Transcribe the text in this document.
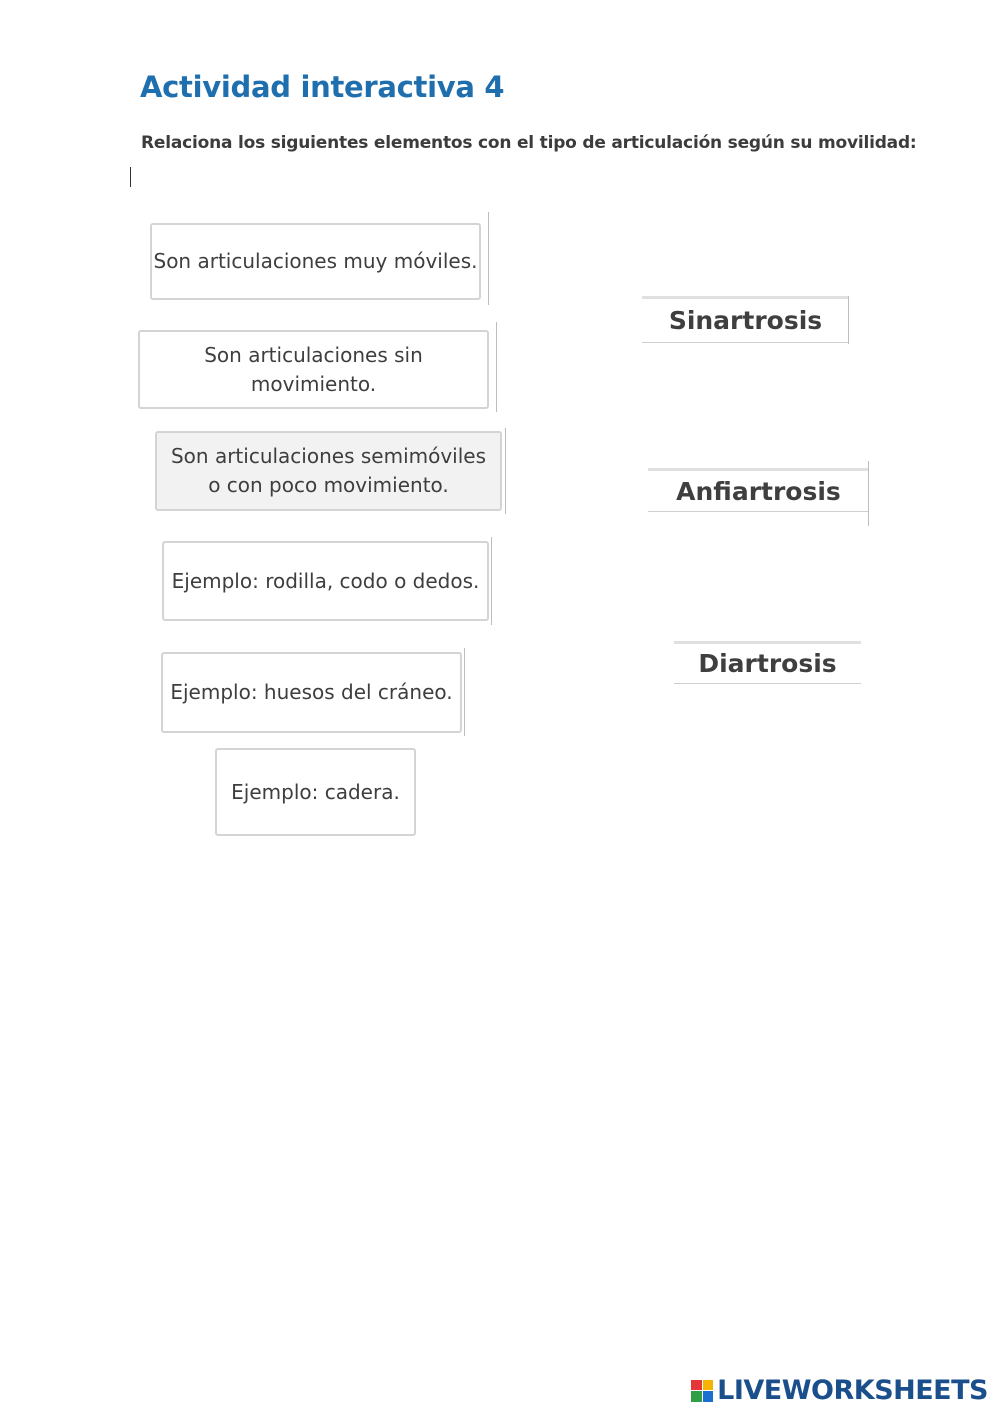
Actividad interactiva 4
Relaciona los siguientes elementos con el tipo de articulación según su movilidad:
Son articulaciones muy móviles.
Son articulaciones sin
movimiento.
Son articulaciones semimóviles
o con poco movimiento.
Ejemplo: rodilla, codo o dedos.
Ejemplo: huesos del cráneo.
Ejemplo: cadera.
Sinartrosis
Anfiartrosis
Diartrosis
LIVEWORKSHEETS
